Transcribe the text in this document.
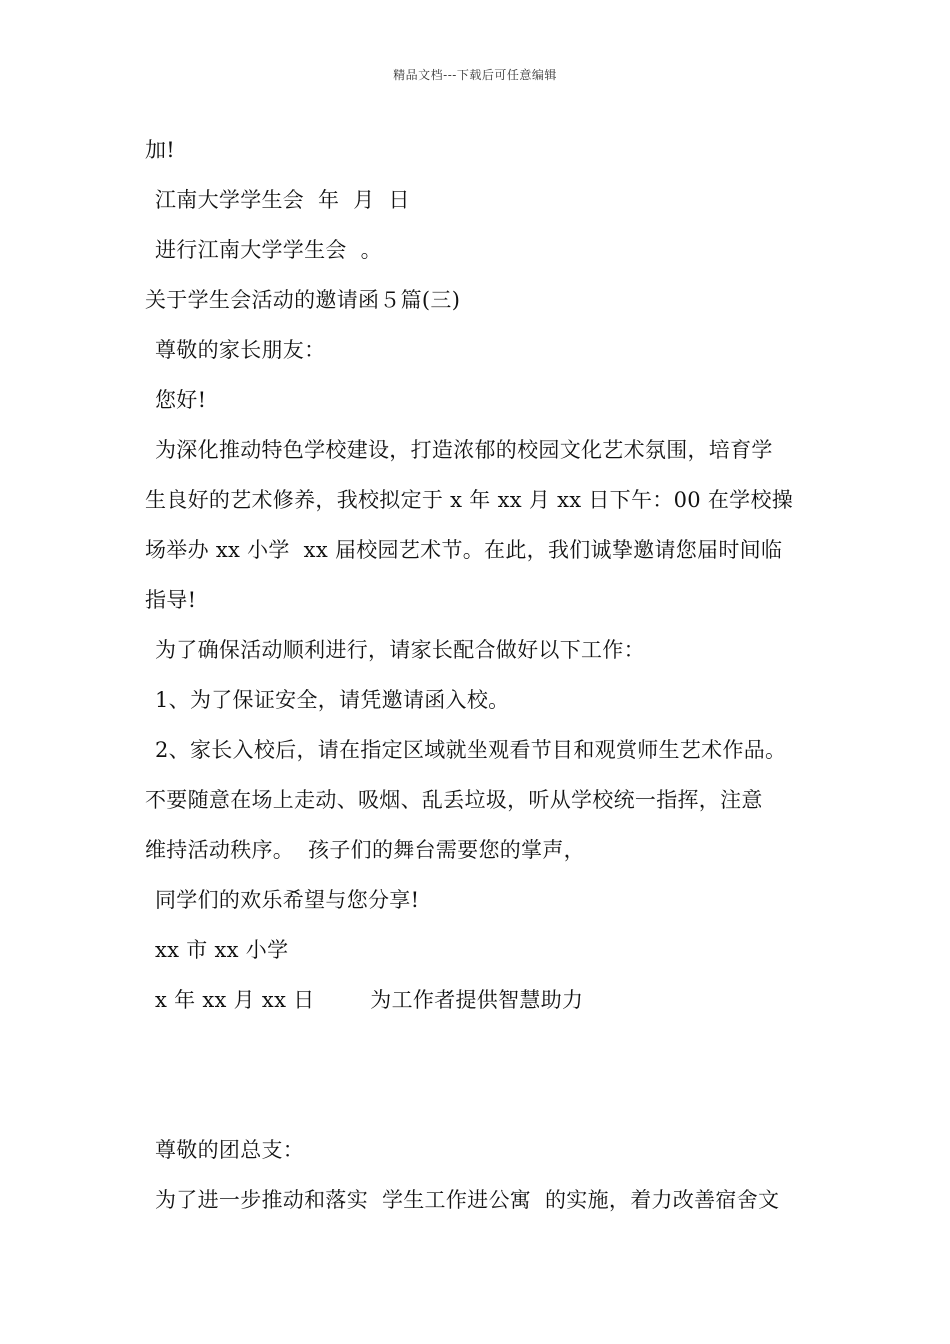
精品文档---下载后可任意编辑
加!
江南大学学生会  年  月  日
进行江南大学学生会  。
关于学生会活动的邀请函５篇(三)
尊敬的家长朋友：
您好!
为深化推动特色学校建设，打造浓郁的校园文化艺术氛围，培育学
生良好的艺术修养，我校拟定于 x 年 xx 月 xx 日下午：00 在学校操
场举办 xx 小学  xx 届校园艺术节。在此，我们诚挚邀请您届时间临
指导!
为了确保活动顺利进行，请家长配合做好以下工作：
1、为了保证安全，请凭邀请函入校。
2、家长入校后，请在指定区域就坐观看节目和观赏师生艺术作品。
不要随意在场上走动、吸烟、乱丢垃圾，听从学校统一指挥，注意
维持活动秩序。  孩子们的舞台需要您的掌声，
同学们的欢乐希望与您分享!
xx 市 xx 小学
x 年 xx 月 xx 日        为工作者提供智慧助力
尊敬的团总支：
为了进一步推动和落实  学生工作进公寓  的实施，着力改善宿舍文
